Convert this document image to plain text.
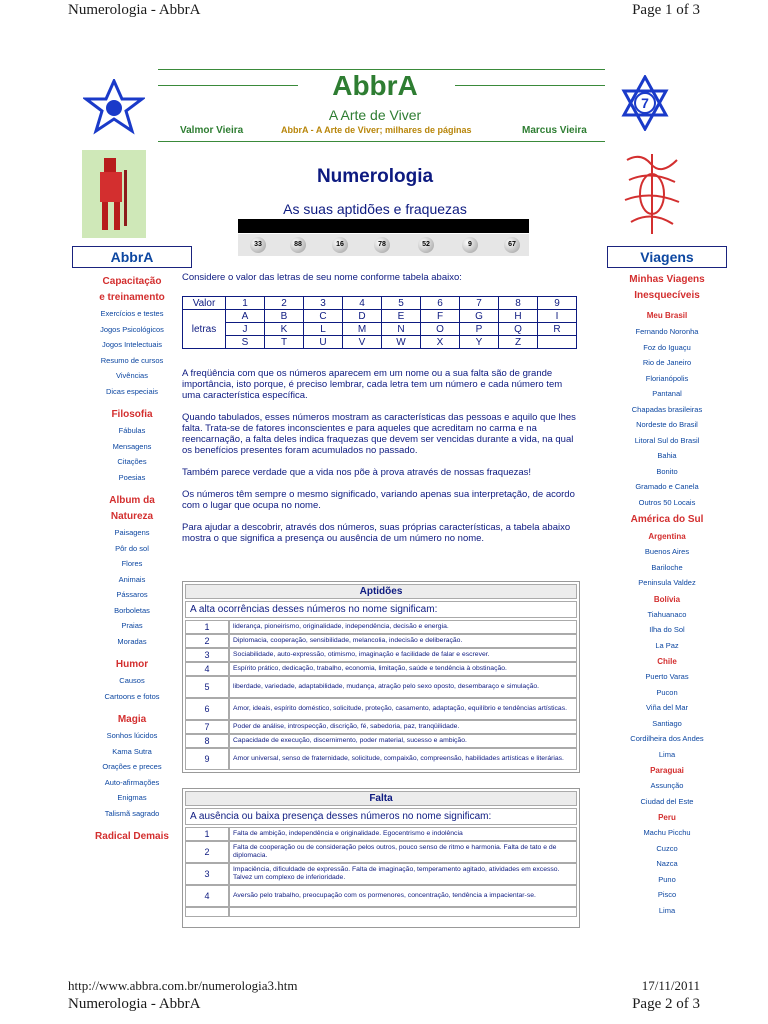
Numerologia - AbbrA	Page 1 of 3
http://www.abbra.com.br/numerologia3.htm	17/11/2011
Numerologia - AbbrA	Page 2 of 3
AbbrA
A Arte de Viver
Valmor Vieira	AbbrA - A Arte de Viver; milhares de páginas	Marcus Vieira
7
AbbrA
Capacitação
e treinamento
Exercícios e testes
Jogos Psicológicos
Jogos Intelectuais
Resumo de cursos
Vivências
Dicas especiais
Filosofia
Fábulas
Mensagens
Citações
Poesias
Album da
Natureza
Paisagens
Pôr do sol
Flores
Animais
Pássaros
Borboletas
Praias
Moradas
Humor
Causos
Cartoons e fotos
Magia
Sonhos lúcidos
Kama Sutra
Orações e preces
Auto-afirmações
Enigmas
Talismã sagrado
Radical Demais
Viagens
Minhas Viagens
Inesquecíveis
Meu Brasil
Fernando Noronha
Foz do Iguaçu
Rio de Janeiro
Florianópolis
Pantanal
Chapadas brasileiras
Nordeste do Brasil
Litoral Sul do Brasil
Bahia
Bonito
Gramado e Canela
Outros 50 Locais
América do Sul
Argentina
Buenos Aires
Bariloche
Peninsula Valdez
Bolívia
Tiahuanaco
Ilha do Sol
La Paz
Chile
Puerto Varas
Pucon
Viña del Mar
Santiago
Cordilheira dos Andes
Lima
Paraguai
Assunção
Ciudad del Este
Peru
Machu Picchu
Cuzco
Nazca
Puno
Pisco
Lima
Numerologia
As suas aptidões e fraquezas
33	88	16	78	52	9	67
Considere o valor das letras de seu nome conforme tabela abaixo:
Valor	1	2	3	4	5	6	7	8	9
letras	A	B	C	D	E	F	G	H	I
	J	K	L	M	N	O	P	Q	R
	S	T	U	V	W	X	Y	Z	

A freqüência com que os números aparecem em um nome ou a sua falta são de grande importância, isto porque, é preciso lembrar, cada letra tem um número e cada número tem uma característica específica.

Quando tabulados, esses números mostram as características das pessoas e aquilo que lhes falta. Trata-se de fatores inconscientes e para aqueles que acreditam no carma e na reencarnação, a falta deles indica fraquezas que devem ser vencidas durante a vida, na qual os benefícios presentes foram acumulados no passado.

Também parece verdade que a vida nos põe à prova através de nossas fraquezas!

Os números têm sempre o mesmo significado, variando apenas sua interpretação, de acordo com o lugar que ocupa no nome.

Para ajudar a descobrir, através dos números, suas próprias características, a tabela abaixo mostra o que significa a presença ou ausência de um número no nome.

Aptidões
A alta ocorrências desses números no nome significam:
1	liderança, pioneirismo, originalidade, independência, decisão e energia.
2	Diplomacia, cooperação, sensibilidade, melancolia, indecisão e deliberação.
3	Sociabilidade, auto-expressão, otimismo, imaginação e facilidade de falar e escrever.
4	Espírito prático, dedicação, trabalho, economia, limitação, saúde e tendência à obstinação.
5	liberdade, variedade, adaptabilidade, mudança, atração pelo sexo oposto, desembaraço e simulação.
6	Amor, ideais, espírito doméstico, solicitude, proteção, casamento, adaptação, equilíbrio e tendências artísticas.
7	Poder de análise, introspecção, discrição, fé, sabedoria, paz, tranqüilidade.
8	Capacidade de execução, discernimento, poder material, sucesso e ambição.
9	Amor universal, senso de fraternidade, solicitude, compaixão, compreensão, habilidades artísticas e literárias.
Falta
A ausência ou baixa presença desses números no nome significam:
1	Falta de ambição, independência e originalidade. Egocentrismo e indolência
2	Falta de cooperação ou de consideração pelos outros, pouco senso de ritmo e harmonia. Falta de tato e de diplomacia.
3	Impaciência, dificuldade de expressão. Falta de imaginação, temperamento agitado, atividades em excesso. Talvez um complexo de inferioridade.
4	Aversão pelo trabalho, preocupação com os pormenores, concentração, tendência a impacientar-se.
